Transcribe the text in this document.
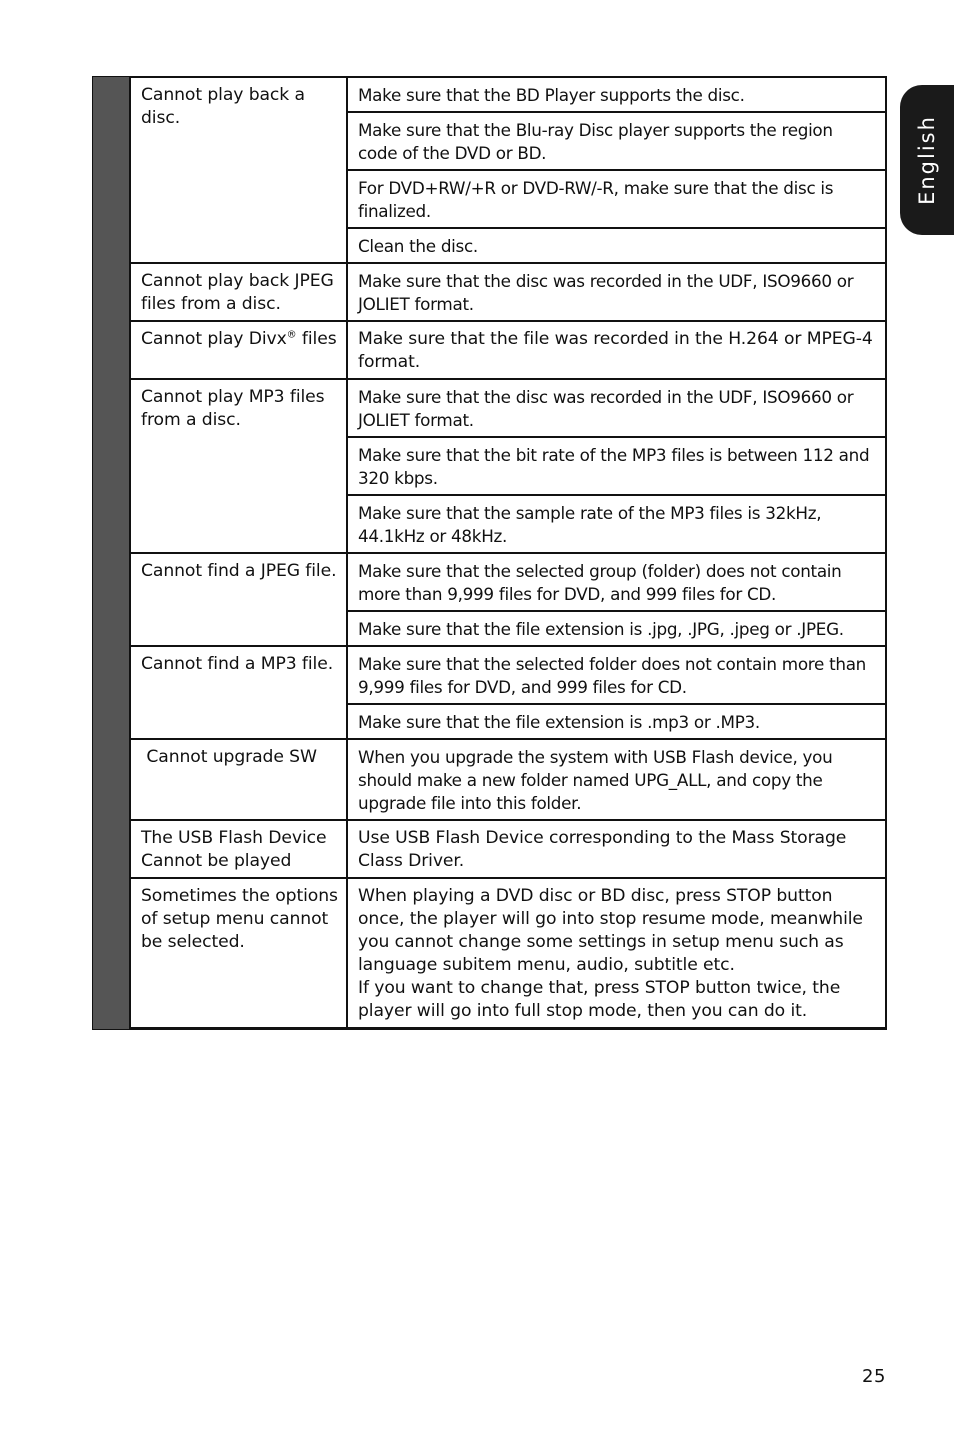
English
Cannot play back a disc.	Make sure that the BD Player supports the disc.
	Make sure that the Blu-ray Disc player supports the region code of the DVD or BD.
	For DVD+RW/+R or DVD-RW/-R, make sure that the disc is finalized.
	Clean the disc.
Cannot play back JPEG files from a disc.	Make sure that the disc was recorded in the UDF, ISO9660 or JOLIET format.
Cannot play Divx® files	Make sure that the file was recorded in the H.264 or MPEG-4 format.
Cannot play MP3 files from a disc.	Make sure that the disc was recorded in the UDF, ISO9660 or JOLIET format.
	Make sure that the bit rate of the MP3 files is between 112 and 320 kbps.
	Make sure that the sample rate of the MP3 files is 32kHz, 44.1kHz or 48kHz.
Cannot find a JPEG file.	Make sure that the selected group (folder) does not contain more than 9,999 files for DVD, and 999 files for CD.
	Make sure that the file extension is .jpg, .JPG, .jpeg or .JPEG.
Cannot find a MP3 file.	Make sure that the selected folder does not contain more than 9,999 files for DVD, and 999 files for CD.
	Make sure that the file extension is .mp3 or .MP3.
Cannot upgrade SW	When you upgrade the system with USB Flash device, you should make a new folder named UPG_ALL, and copy the upgrade file into this folder.
The USB Flash Device Cannot be played	Use USB Flash Device corresponding to the Mass Storage Class Driver.
Sometimes the options of setup menu cannot be selected.	When playing a DVD disc or BD disc, press STOP button once, the player will go into stop resume mode, meanwhile you cannot change some settings in setup menu such as language subitem menu, audio, subtitle etc.
If you want to change that, press STOP button twice, the player will go into full stop mode, then you can do it.
25
